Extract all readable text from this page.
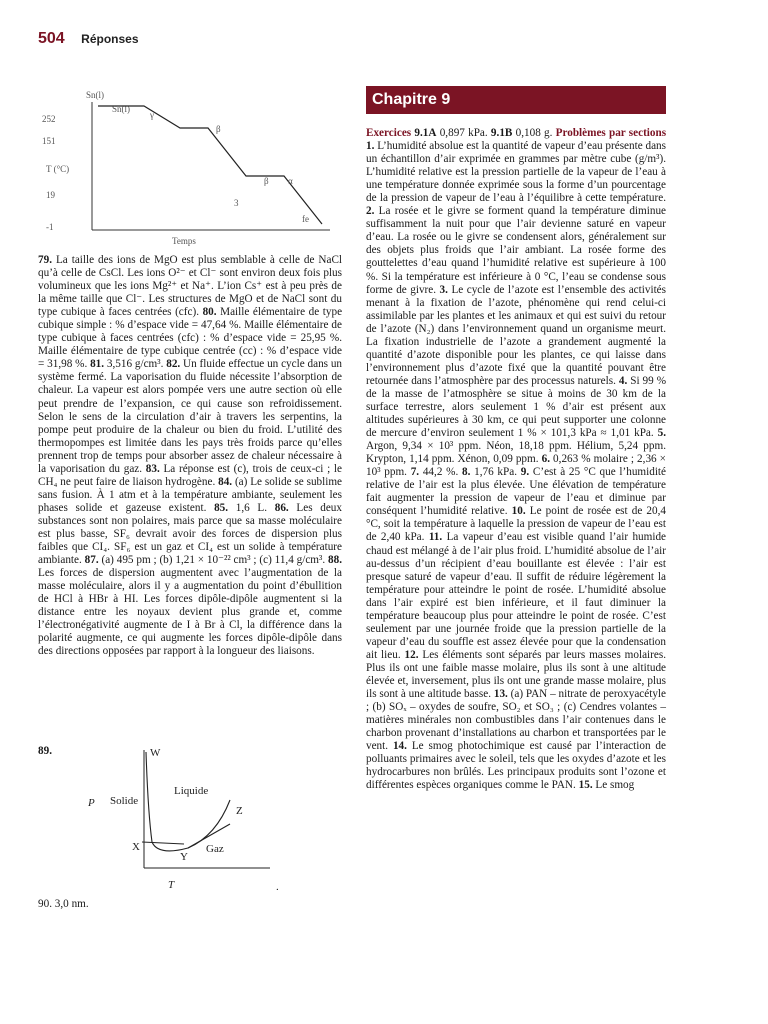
504 Réponses
Sn(l)
Sn(l)
252
151
T (°C)
19
-1
γ
β
β α
3
fe
Temps
79. La taille des ions de MgO est plus semblable à celle de NaCl qu’à celle de CsCl. Les ions O²⁻ et Cl⁻ sont environ deux fois plus volumineux que les ions Mg²⁺ et Na⁺. L’ion Cs⁺ est à peu près de la même taille que Cl⁻. Les structures de MgO et de NaCl sont du type cubique à faces centrées (cfc). 80. Maille élémentaire de type cubique simple : % d’espace vide = 47,64 %. Maille élémentaire de type cubique à faces centrées (cfc) : % d’espace vide = 25,95 %. Maille élémentaire de type cubique centrée (cc) : % d’espace vide = 31,98 %. 81. 3,516 g/cm³. 82. Un fluide effectue un cycle dans un système fermé. La vaporisation du fluide nécessite l’absorption de chaleur. La vapeur est alors pompée vers une autre section où elle peut prendre de l’expansion, ce qui cause son refroidissement. Selon le sens de la circulation d’air à travers les serpentins, la pompe peut produire de la chaleur ou bien du froid. L’utilité des thermopompes est limitée dans les pays très froids parce qu’elles prennent trop de temps pour absorber assez de chaleur nécessaire à la vaporisation du gaz. 83. La réponse est (c), trois de ceux-ci ; le CH₄ ne peut faire de liaison hydrogène. 84. (a) Le solide se sublime sans fusion. À 1 atm et à la température ambiante, seulement les phases solide et gazeuse existent. 85. 1,6 L. 86. Les deux substances sont non polaires, mais parce que sa masse moléculaire est plus basse, SF₆ devrait avoir des forces de dispersion plus faibles que CI₄. SF₆ est un gaz et CI₄ est un solide à température ambiante. 87. (a) 495 pm ; (b) 1,21 × 10⁻²² cm³ ; (c) 11,4 g/cm³. 88. Les forces de dispersion augmentent avec l’augmentation de la masse moléculaire, alors il y a augmentation du point d’ébullition de HCl à HBr à HI. Les forces dipôle-dipôle augmentent si la distance entre les noyaux devient plus grande et, comme l’électronégativité augmente de I à Br à Cl, la différence dans la polarité augmente, ce qui augmente les forces dipôle-dipôle dans des directions opposées par rapport à la longueur des liaisons.
89.
P
T
Solide
Liquide
Gaz
W
X
Y
Z
.
90. 3,0 nm.
Chapitre 9
Exercices 9.1A 0,897 kPa. 9.1B 0,108 g. Problèmes par sections 1. L’humidité absolue est la quantité de vapeur d’eau présente dans un échantillon d’air exprimée en grammes par mètre cube (g/m³). L’humidité relative est la pression partielle de la vapeur de l’eau à une température donnée exprimée sous la forme d’un pourcentage de la pression de vapeur de l’eau à l’équilibre à cette température. 2. La rosée et le givre se forment quand la température diminue suffisamment la nuit pour que l’air devienne saturé en vapeur d’eau. La rosée ou le givre se condensent alors, généralement sur des objets plus froids que l’air ambiant. La rosée forme des gouttelettes d’eau quand l’humidité relative est supérieure à 100 %. Si la température est inférieure à 0 °C, l’eau se condense sous forme de givre. 3. Le cycle de l’azote est l’ensemble des activités menant à la fixation de l’azote, phénomène qui rend celui-ci assimilable par les plantes et les animaux et qui est suivi du retour de l’azote (N₂) dans l’environnement quand un organisme meurt. La fixation industrielle de l’azote a grandement augmenté la quantité d’azote disponible pour les plantes, ce qui laisse dans l’environnement plus d’azote fixé que la quantité pouvant être retournée dans l’atmosphère par des processus naturels. 4. Si 99 % de la masse de l’atmosphère se situe à moins de 30 km de la surface terrestre, alors seulement 1 % d’air est présent aux altitudes supérieures à 30 km, ce qui peut supporter une colonne de mercure d’environ seulement 1 % × 101,3 kPa ≈ 1,01 kPa. 5. Argon, 9,34 × 10³ ppm. Néon, 18,18 ppm. Hélium, 5,24 ppm. Krypton, 1,14 ppm. Xénon, 0,09 ppm. 6. 0,263 % molaire ; 2,36 × 10³ ppm. 7. 44,2 %. 8. 1,76 kPa. 9. C’est à 25 °C que l’humidité relative de l’air est la plus élevée. Une élévation de température fait augmenter la pression de vapeur de l’eau et diminue par conséquent l’humidité relative. 10. Le point de rosée est de 20,4 °C, soit la température à laquelle la pression de vapeur de l’eau est de 2,40 kPa. 11. La vapeur d’eau est visible quand l’air humide chaud est mélangé à de l’air plus froid. L’humidité absolue de l’air au-dessus d’un récipient d’eau bouillante est élevée : l’air est presque saturé de vapeur d’eau. Il suffit de réduire légèrement la température pour atteindre le point de rosée. L’humidité absolue dans l’air expiré est bien inférieure, et il faut diminuer la température beaucoup plus pour atteindre le point de rosée. C’est seulement par une journée froide que la pression partielle de la vapeur d’eau du souffle est assez élevée pour que la condensation ait lieu. 12. Les éléments sont séparés par leurs masses molaires. Plus ils ont une faible masse molaire, plus ils sont à une altitude élevée et, inversement, plus ils ont une grande masse molaire, plus ils sont à une altitude basse. 13. (a) PAN – nitrate de peroxyacétyle ; (b) SOₓ – oxydes de soufre, SO₂ et SO₃ ; (c) Cendres volantes – matières minérales non combustibles dans l’air contenues dans le charbon provenant d’installations au charbon et transportées par le vent. 14. Le smog photochimique est causé par l’interaction de polluants primaires avec le soleil, tels que les oxydes d’azote et les hydrocarbures non brûlés. Les principaux produits sont l’ozone et différentes espèces organiques comme le PAN. 15. Le smog
